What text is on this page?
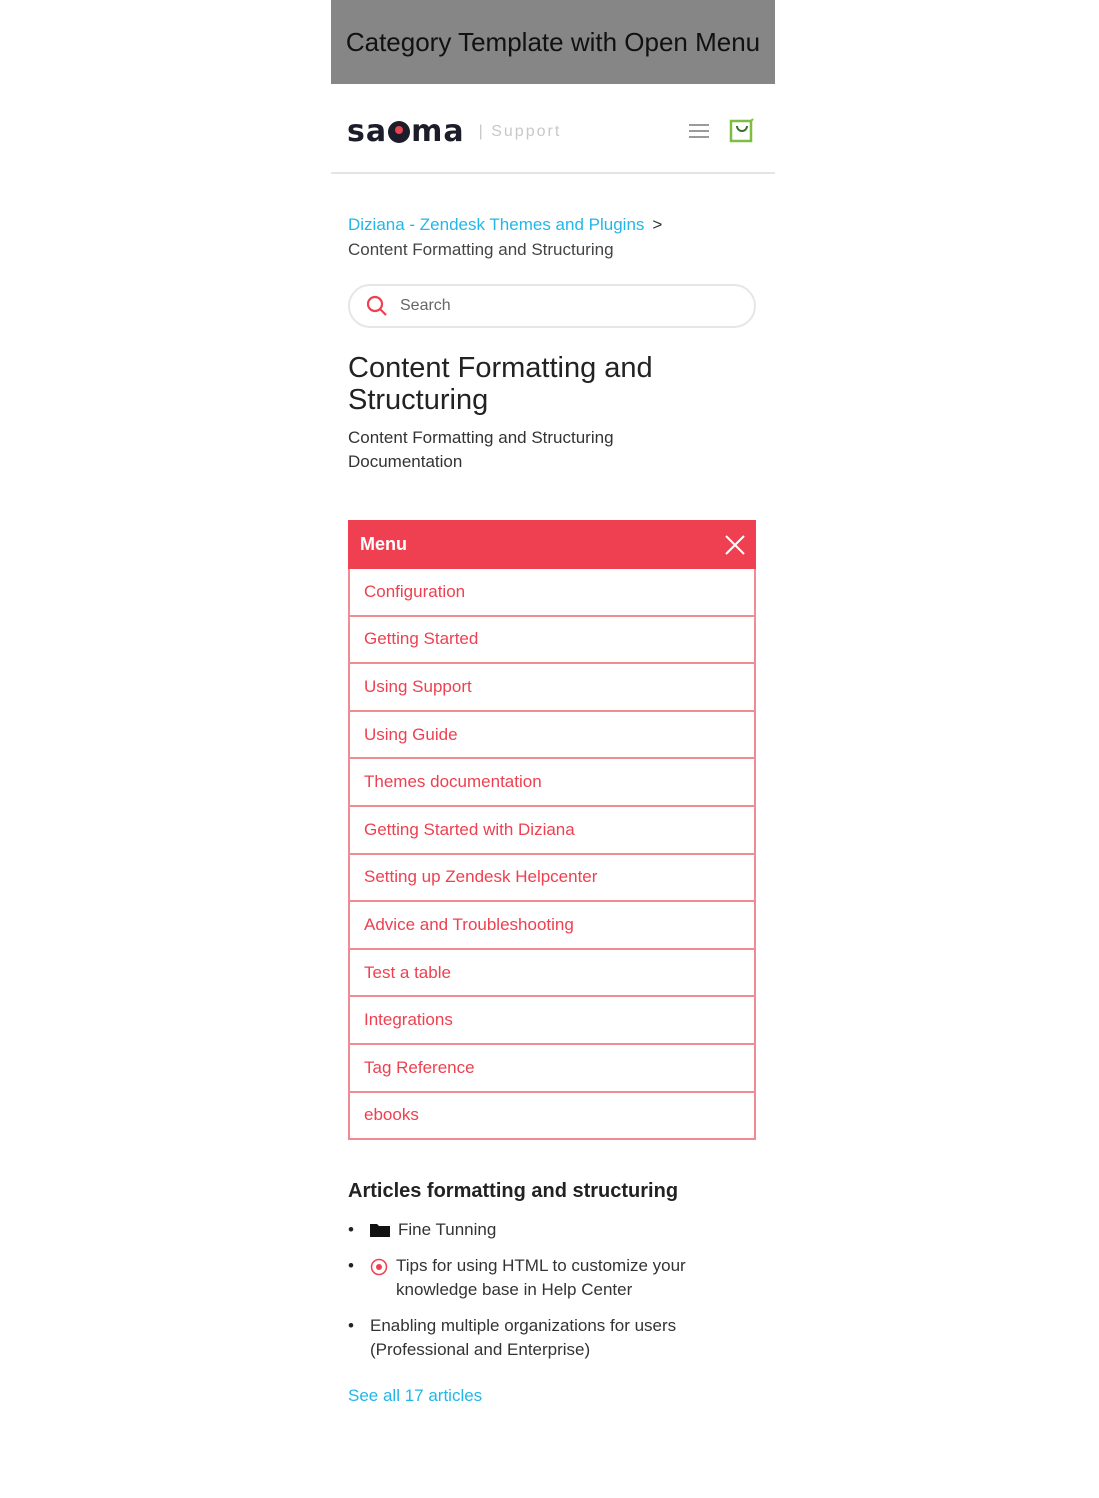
Category Template with Open Menu
sa ma | Support
Diziana - Zendesk Themes and Plugins >
Content Formatting and Structuring
Search
Content Formatting and Structuring
Content Formatting and Structuring Documentation
Menu
Configuration
Getting Started
Using Support
Using Guide
Themes documentation
Getting Started with Diziana
Setting up Zendesk Helpcenter
Advice and Troubleshooting
Test a table
Integrations
Tag Reference
ebooks
Articles formatting and structuring
• Fine Tunning
• Tips for using HTML to customize your knowledge base in Help Center
• Enabling multiple organizations for users (Professional and Enterprise)
See all 17 articles
